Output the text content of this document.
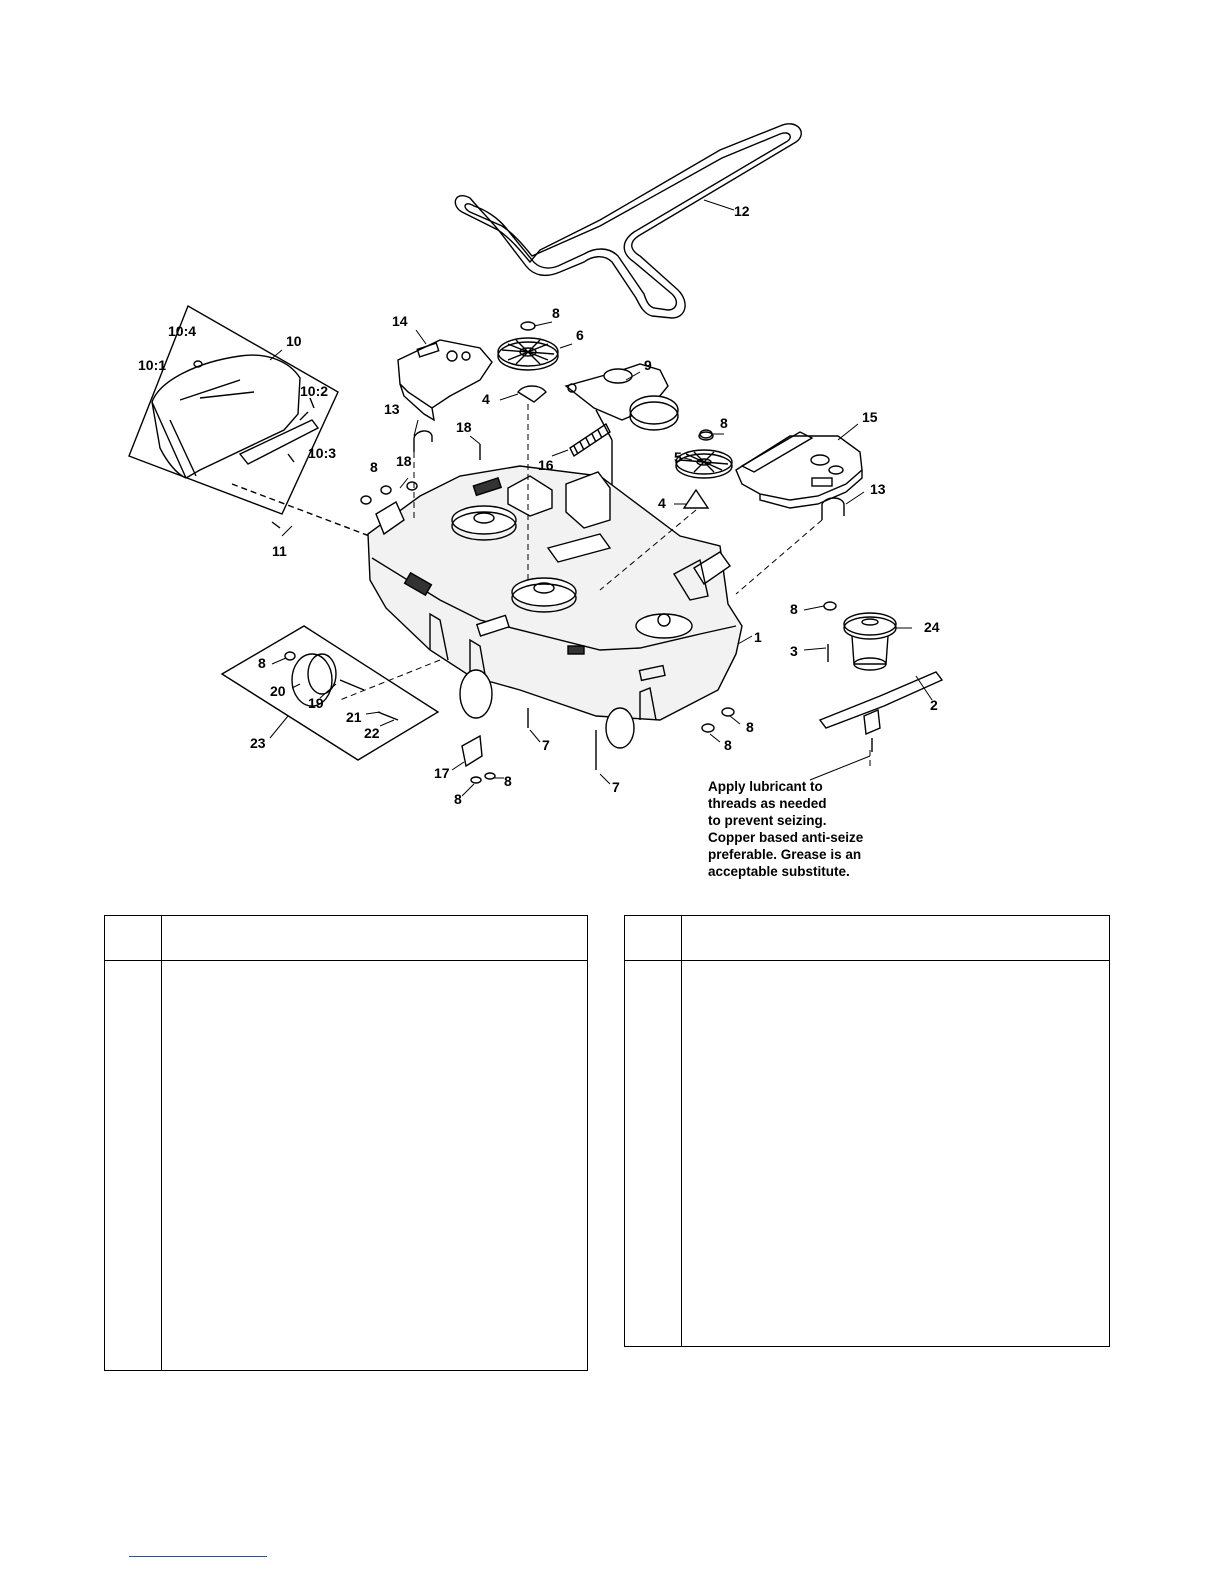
12
10
10:4
10:1
10:2
10:3
14	8
6
9
4
13
18
8 18	16
8
5
15
4
13
11
8
24
3
1
2
8
8
20
19
21
22
23	7	8
17	8
8
7	Apply lubricant to
threads as needed
to prevent seizing.
Copper based anti-seize
preferable. Grease is an
acceptable substitute.
